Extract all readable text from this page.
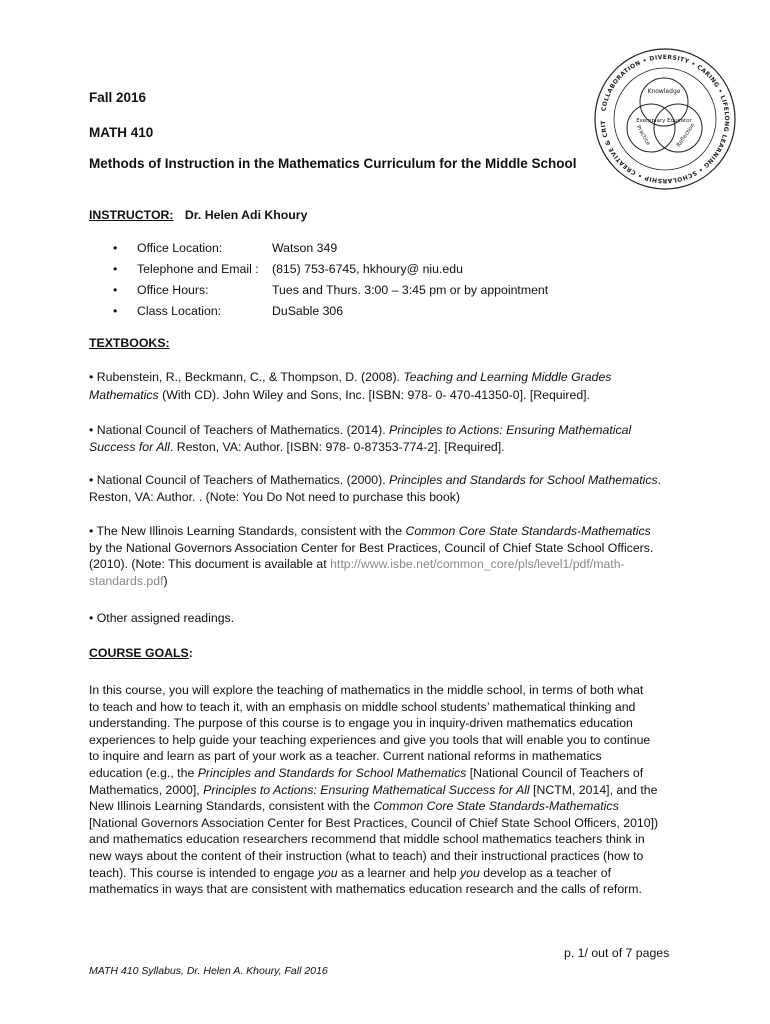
Fall 2016
MATH 410
Methods of Instruction in the Mathematics Curriculum for the Middle School
COLLABORATION • DIVERSITY • CARING • LIFELONG LEARNING • SCHOLARSHIP • CREATIVE & CRIT
Knowledge
Exemplary Educator
Practice	Reflection
INSTRUCTOR: Dr. Helen Adi Khoury
• Office Location:	Watson 349
• Telephone and Email : (815) 753-6745, hkhoury@ niu.edu
• Office Hours:	Tues and Thurs. 3:00 – 3:45 pm or by appointment
• Class Location:	DuSable 306
TEXTBOOKS:
• Rubenstein, R., Beckmann, C., & Thompson, D. (2008). Teaching and Learning Middle Grades
Mathematics (With CD). John Wiley and Sons, Inc. [ISBN: 978- 0- 470-41350-0]. [Required].
• National Council of Teachers of Mathematics. (2014). Principles to Actions: Ensuring Mathematical
Success for All. Reston, VA: Author. [ISBN: 978- 0-87353-774-2]. [Required].
• National Council of Teachers of Mathematics. (2000). Principles and Standards for School Mathematics.
Reston, VA: Author. . (Note: You Do Not need to purchase this book)
• The New Illinois Learning Standards, consistent with the Common Core State Standards-Mathematics
by the National Governors Association Center for Best Practices, Council of Chief State School Officers.
(2010). (Note: This document is available at http://www.isbe.net/common_core/pls/level1/pdf/math-
standards.pdf)
• Other assigned readings.
COURSE GOALS:
In this course, you will explore the teaching of mathematics in the middle school, in terms of both what
to teach and how to teach it, with an emphasis on middle school students’ mathematical thinking and
understanding. The purpose of this course is to engage you in inquiry-driven mathematics education
experiences to help guide your teaching experiences and give you tools that will enable you to continue
to inquire and learn as part of your work as a teacher. Current national reforms in mathematics
education (e.g., the Principles and Standards for School Mathematics [National Council of Teachers of
Mathematics, 2000], Principles to Actions: Ensuring Mathematical Success for All [NCTM, 2014], and the
New Illinois Learning Standards, consistent with the Common Core State Standards-Mathematics
[National Governors Association Center for Best Practices, Council of Chief State School Officers, 2010])
and mathematics education researchers recommend that middle school mathematics teachers think in
new ways about the content of their instruction (what to teach) and their instructional practices (how to
teach). This course is intended to engage you as a learner and help you develop as a teacher of
mathematics in ways that are consistent with mathematics education research and the calls of reform.
p. 1/ out of 7 pages
MATH 410 Syllabus, Dr. Helen A. Khoury, Fall 2016
